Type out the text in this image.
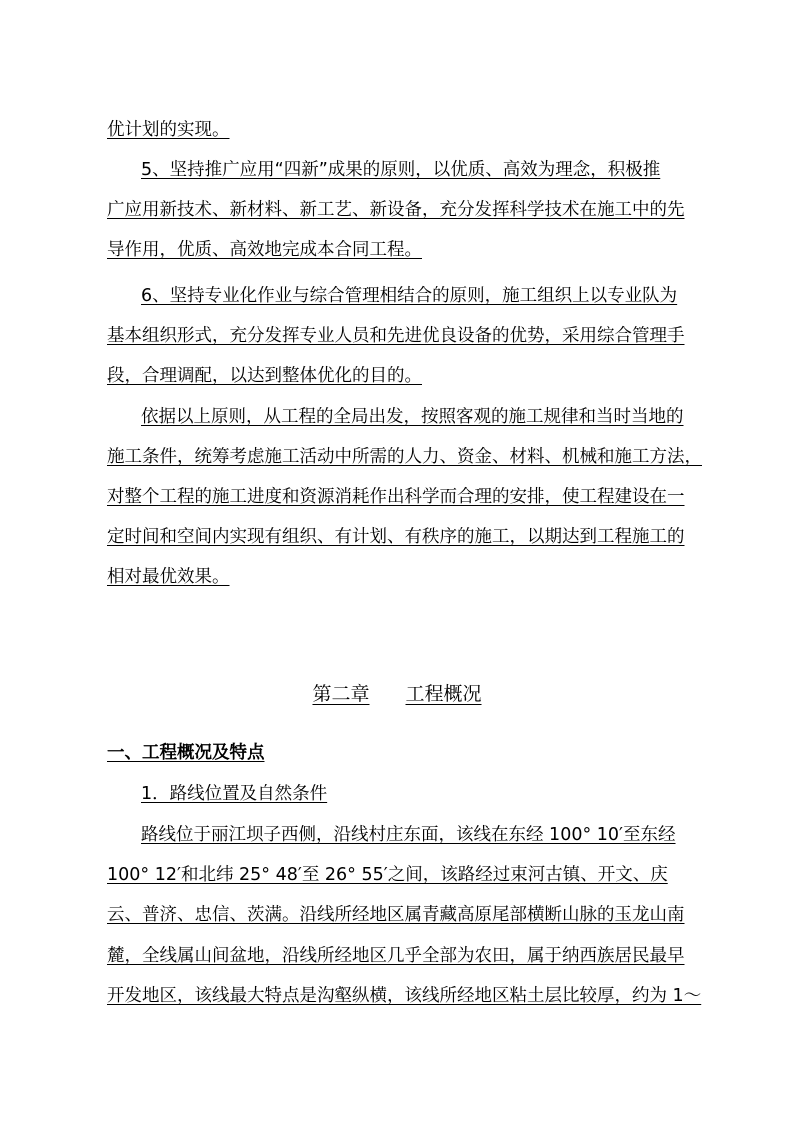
优计划的实现。
5、坚持推广应用“四新”成果的原则，以优质、高效为理念，积极推
广应用新技术、新材料、新工艺、新设备，充分发挥科学技术在施工中的先
导作用，优质、高效地完成本合同工程。
6、坚持专业化作业与综合管理相结合的原则，施工组织上以专业队为
基本组织形式，充分发挥专业人员和先进优良设备的优势，采用综合管理手
段，合理调配，以达到整体优化的目的。
依据以上原则，从工程的全局出发，按照客观的施工规律和当时当地的
施工条件，统筹考虑施工活动中所需的人力、资金、材料、机械和施工方法，
对整个工程的施工进度和资源消耗作出科学而合理的安排，使工程建设在一
定时间和空间内实现有组织、有计划、有秩序的施工，以期达到工程施工的
相对最优效果。
第二章 工程概况
一、工程概况及特点
1．路线位置及自然条件
路线位于丽江坝子西侧，沿线村庄东面，该线在东经 100° 10′至东经
100° 12′和北纬 25° 48′至 26° 55′之间，该路经过束河古镇、开文、庆
云、普济、忠信、茨满。沿线所经地区属青藏高原尾部横断山脉的玉龙山南
麓，全线属山间盆地，沿线所经地区几乎全部为农田，属于纳西族居民最早
开发地区，该线最大特点是沟壑纵横，该线所经地区粘土层比较厚，约为 1～
